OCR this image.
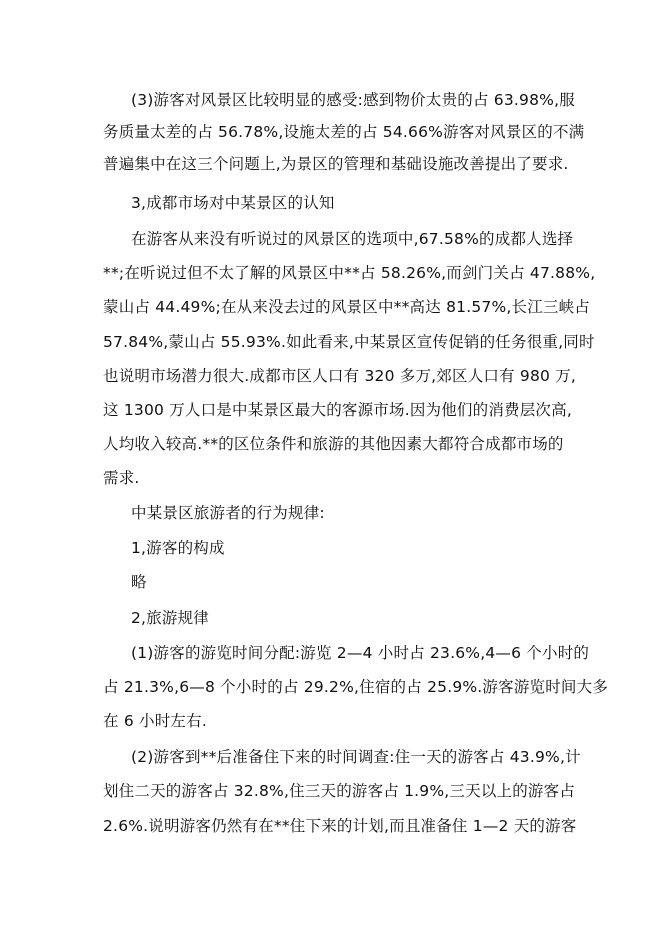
(3)游客对风景区比较明显的感受:感到物价太贵的占 63.98%,服
务质量太差的占 56.78%,设施太差的占 54.66%游客对风景区的不满
普遍集中在这三个问题上,为景区的管理和基础设施改善提出了要求.
3,成都市场对中某景区的认知
在游客从来没有听说过的风景区的选项中,67.58%的成都人选择
**;在听说过但不太了解的风景区中**占 58.26%,而剑门关占 47.88%,
蒙山占 44.49%;在从来没去过的风景区中**高达 81.57%,长江三峡占
57.84%,蒙山占 55.93%.如此看来,中某景区宣传促销的任务很重,同时
也说明市场潜力很大.成都市区人口有 320 多万,郊区人口有 980 万,
这 1300 万人口是中某景区最大的客源市场.因为他们的消费层次高,
人均收入较高.**的区位条件和旅游的其他因素大都符合成都市场的
需求.
中某景区旅游者的行为规律:
1,游客的构成
略
2,旅游规律
(1)游客的游览时间分配:游览 2—4 小时占 23.6%,4—6 个小时的
占 21.3%,6—8 个小时的占 29.2%,住宿的占 25.9%.游客游览时间大多
在 6 小时左右.
(2)游客到**后准备住下来的时间调查:住一天的游客占 43.9%,计
划住二天的游客占 32.8%,住三天的游客占 1.9%,三天以上的游客占
2.6%.说明游客仍然有在**住下来的计划,而且准备住 1—2 天的游客
